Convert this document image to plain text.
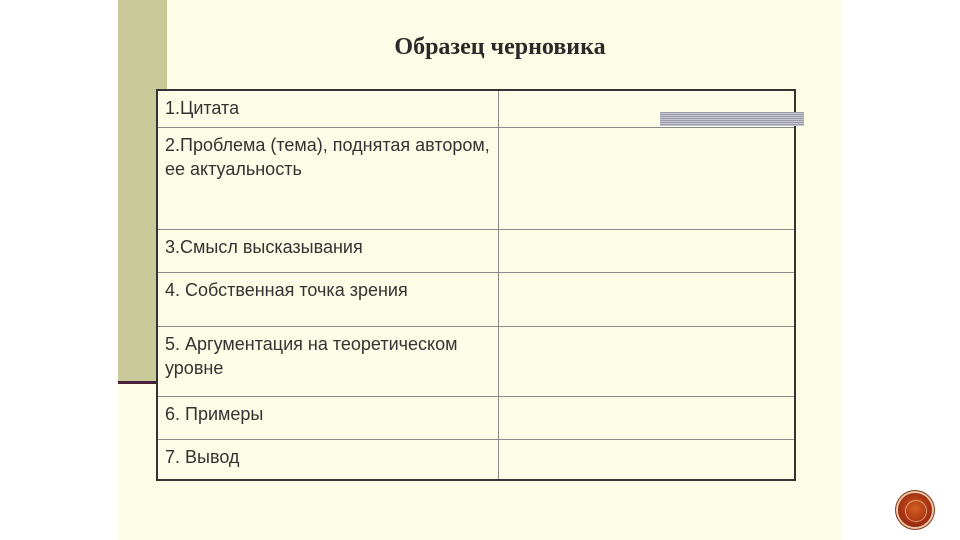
Образец черновика
1.Цитата	
2.Проблема (тема), поднятая автором, ее актуальность	
3.Смысл высказывания	
4. Собственная точка зрения	
5. Аргументация на теоретическом уровне	
6. Примеры	
7. Вывод	
